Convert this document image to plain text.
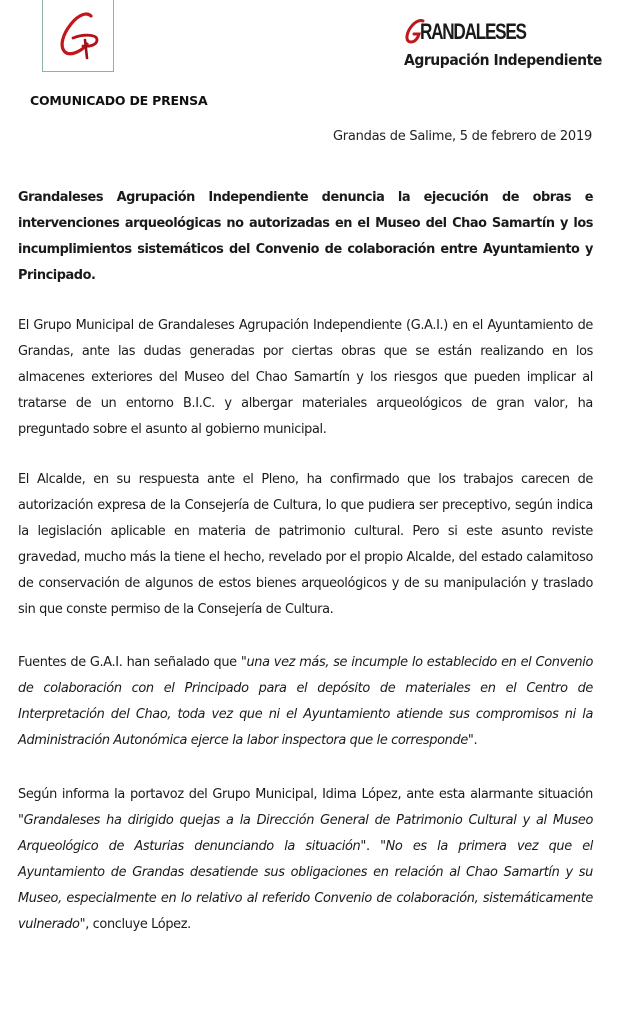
RANDALESES
Agrupación Independiente
COMUNICADO DE PRENSA
Grandas de Salime, 5 de febrero de 2019

Grandaleses Agrupación Independiente denuncia la ejecución de obras e intervenciones arqueológicas no autorizadas en el Museo del Chao Samartín y los incumplimientos sistemáticos del Convenio de colaboración entre Ayuntamiento y Principado.

El Grupo Municipal de Grandaleses Agrupación Independiente (G.A.I.) en el Ayuntamiento de Grandas, ante las dudas generadas por ciertas obras que se están realizando en los almacenes exteriores del Museo del Chao Samartín y los riesgos que pueden implicar al tratarse de un entorno B.I.C. y albergar materiales arqueológicos de gran valor, ha preguntado sobre el asunto al gobierno municipal.

El Alcalde, en su respuesta ante el Pleno, ha confirmado que los trabajos carecen de autorización expresa de la Consejería de Cultura, lo que pudiera ser preceptivo, según indica la legislación aplicable en materia de patrimonio cultural. Pero si este asunto reviste gravedad, mucho más la tiene el hecho, revelado por el propio Alcalde, del estado calamitoso de conservación de algunos de estos bienes arqueológicos y de su manipulación y traslado sin que conste permiso de la Consejería de Cultura.

Fuentes de G.A.I. han señalado que "una vez más, se incumple lo establecido en el Convenio de colaboración con el Principado para el depósito de materiales en el Centro de Interpretación del Chao, toda vez que ni el Ayuntamiento atiende sus compromisos ni la Administración Autonómica ejerce la labor inspectora que le corresponde".

Según informa la portavoz del Grupo Municipal, Idima López, ante esta alarmante situación "Grandaleses ha dirigido quejas a la Dirección General de Patrimonio Cultural y al Museo Arqueológico de Asturias denunciando la situación". "No es la primera vez que el Ayuntamiento de Grandas desatiende sus obligaciones en relación al Chao Samartín y su Museo, especialmente en lo relativo al referido Convenio de colaboración, sistemáticamente vulnerado", concluye López.
